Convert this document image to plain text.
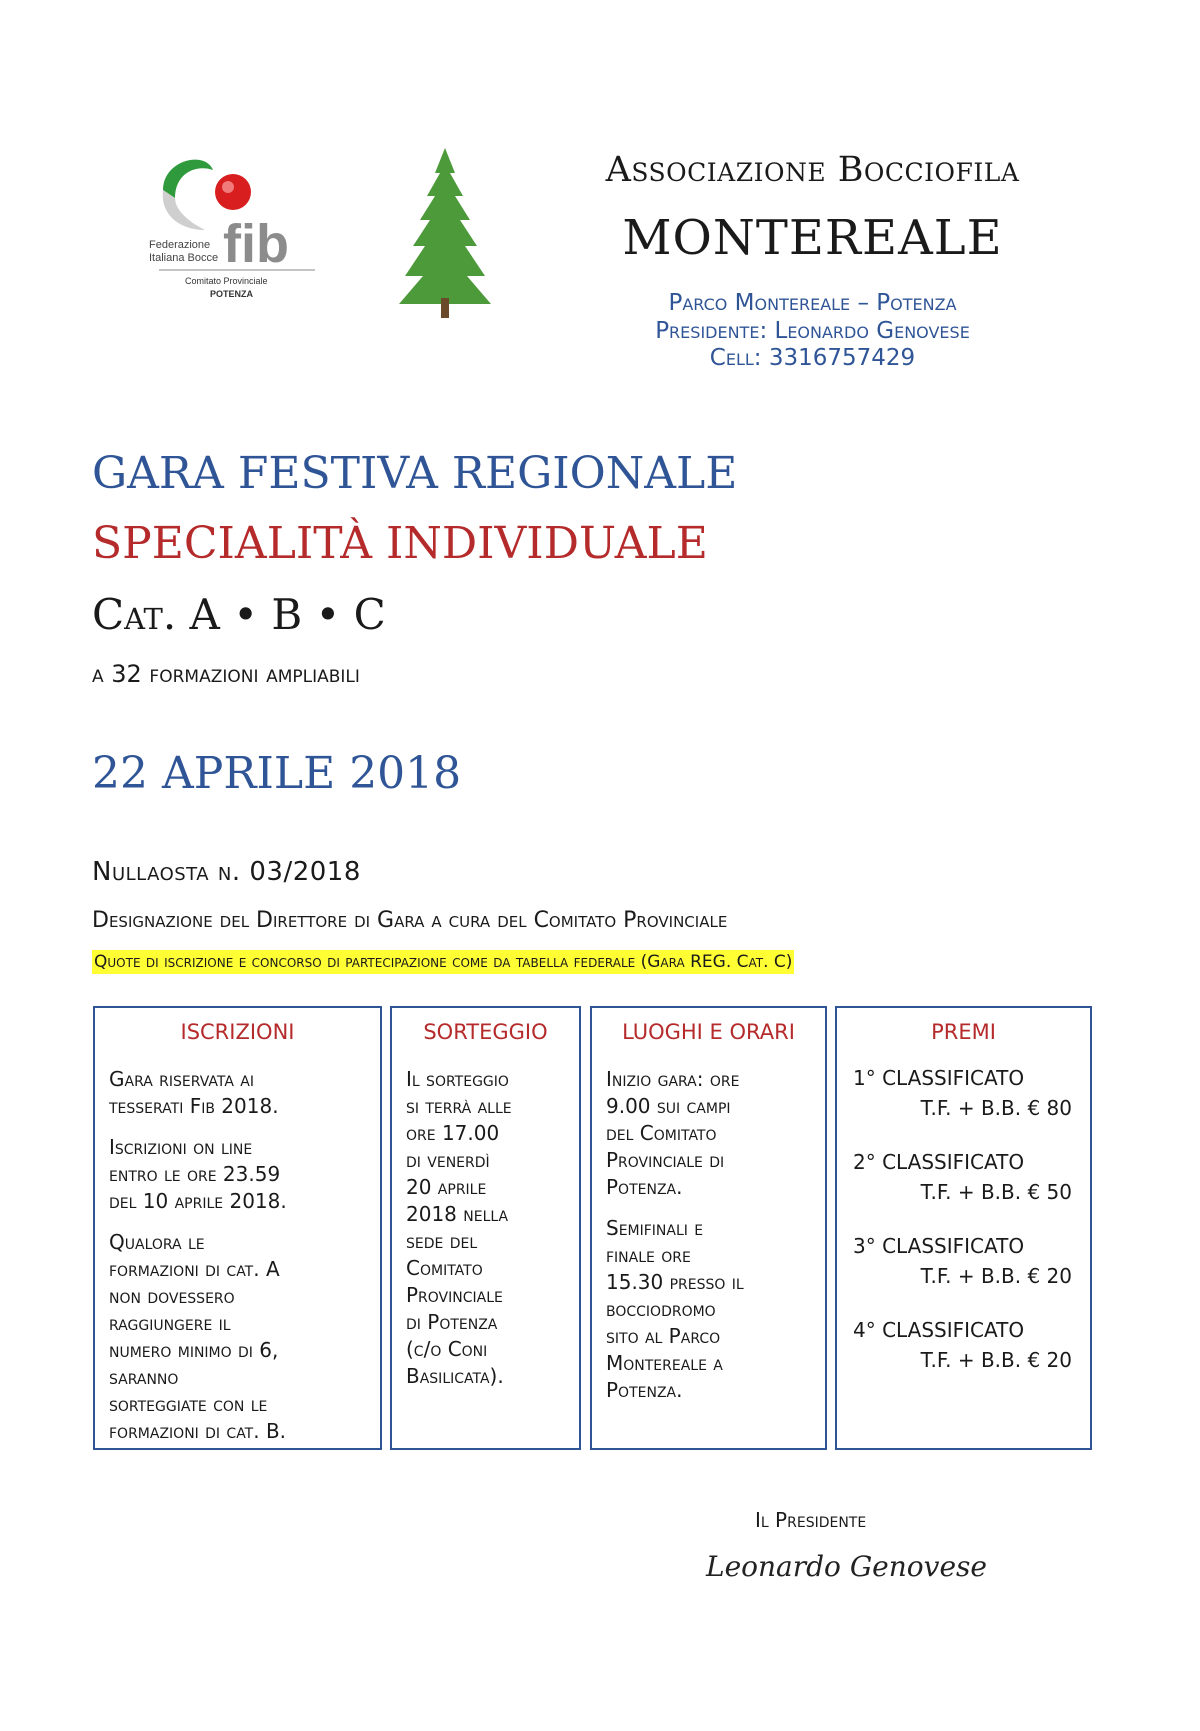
Federazione
Italiana Bocce fib
Comitato Provinciale
POTENZA
Associazione Bocciofila
MONTEREALE
Parco Montereale – Potenza
Presidente: Leonardo Genovese
Cell: 3316757429
GARA FESTIVA REGIONALE
SPECIALITÀ INDIVIDUALE
Cat. A • B • C
a 32 formazioni ampliabili
22 APRILE 2018
Nullaosta n. 03/2018
Designazione del Direttore di Gara a cura del Comitato Provinciale
Quote di iscrizione e concorso di partecipazione come da tabella federale (Gara REG. Cat. C)
ISCRIZIONI
Gara riservata ai
tesserati Fib 2018.
Iscrizioni on line
entro le ore 23.59
del 10 aprile 2018.
Qualora le
formazioni di cat. A
non dovessero
raggiungere il
numero minimo di 6,
saranno
sorteggiate con le
formazioni di cat. B.
SORTEGGIO
Il sorteggio
si terrà alle
ore 17.00
di venerdì
20 aprile
2018 nella
sede del
Comitato
Provinciale
di Potenza
(c/o Coni
Basilicata).
LUOGHI E ORARI
Inizio gara: ore
9.00 sui campi
del Comitato
Provinciale di
Potenza.
Semifinali e
finale ore
15.30 presso il
bocciodromo
sito al Parco
Montereale a
Potenza.
PREMI
1° CLASSIFICATO
T.F. + B.B. € 80
2° CLASSIFICATO
T.F. + B.B. € 50
3° CLASSIFICATO
T.F. + B.B. € 20
4° CLASSIFICATO
T.F. + B.B. € 20
Il Presidente
Leonardo Genovese
